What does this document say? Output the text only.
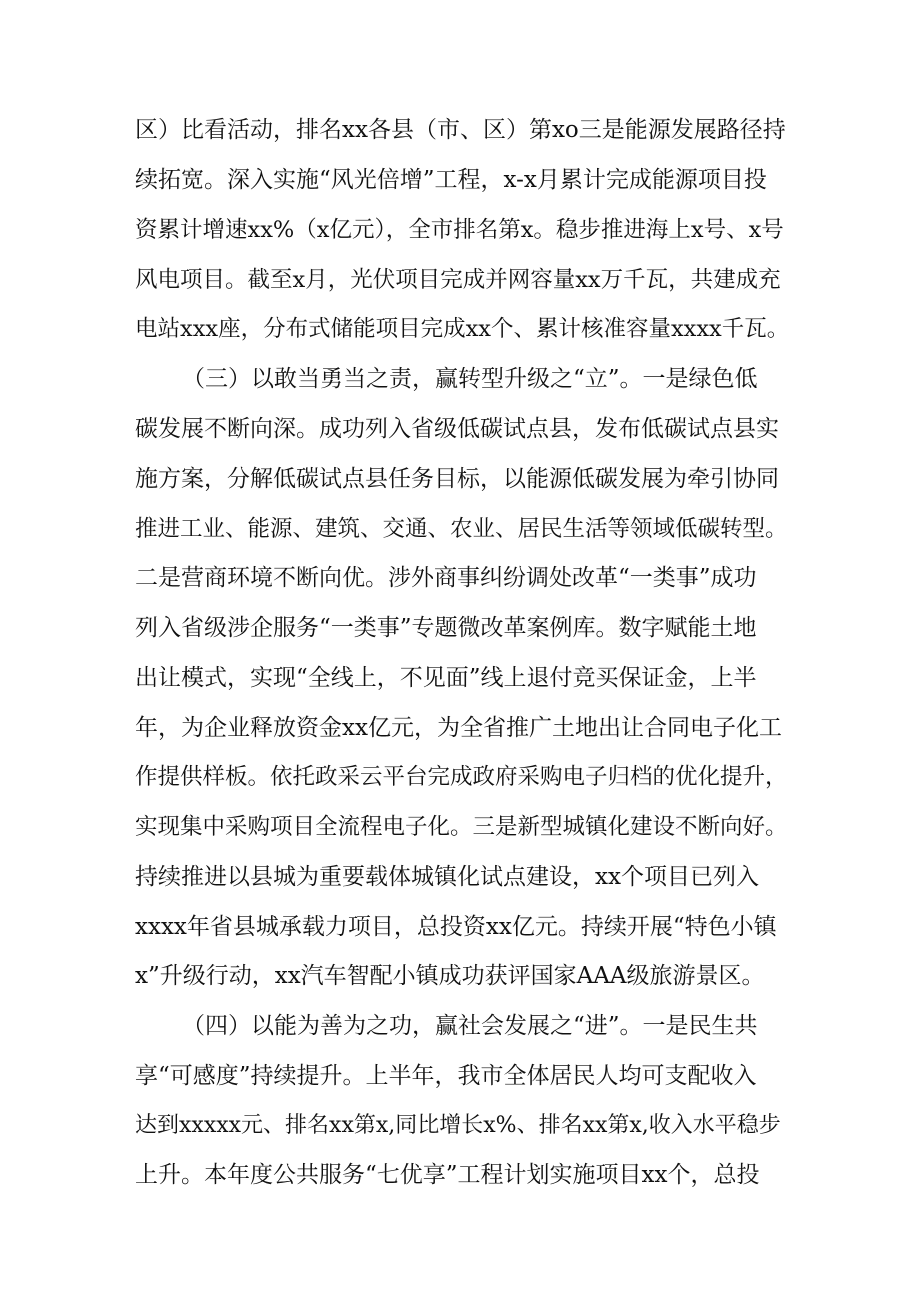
区）比看活动，排名xx各县（市、区）第xo三是能源发展路径持
续拓宽。深入实施“风光倍增”工程，x-x月累计完成能源项目投
资累计增速xx%（x亿元），全市排名第x。稳步推进海上x号、x号
风电项目。截至x月，光伏项目完成并网容量xx万千瓦，共建成充
电站xxx座，分布式储能项目完成xx个、累计核准容量xxxx千瓦。
（三）以敢当勇当之责，赢转型升级之“立”。一是绿色低
碳发展不断向深。成功列入省级低碳试点县，发布低碳试点县实
施方案，分解低碳试点县任务目标，以能源低碳发展为牵引协同
推进工业、能源、建筑、交通、农业、居民生活等领域低碳转型。
二是营商环境不断向优。涉外商事纠纷调处改革“一类事”成功
列入省级涉企服务“一类事”专题微改革案例库。数字赋能土地
出让模式，实现“全线上，不见面”线上退付竞买保证金，上半
年，为企业释放资金xx亿元，为全省推广土地出让合同电子化工
作提供样板。依托政采云平台完成政府采购电子归档的优化提升，
实现集中采购项目全流程电子化。三是新型城镇化建设不断向好。
持续推进以县城为重要载体城镇化试点建设，xx个项目已列入
xxxx年省县城承载力项目，总投资xx亿元。持续开展“特色小镇
x”升级行动，xx汽车智配小镇成功获评国家AAA级旅游景区。
（四）以能为善为之功，赢社会发展之“进”。一是民生共
享“可感度”持续提升。上半年，我市全体居民人均可支配收入
达到xxxxx元、排名xx第x,同比增长x%、排名xx第x,收入水平稳步
上升。本年度公共服务“七优享”工程计划实施项目xx个，总投
